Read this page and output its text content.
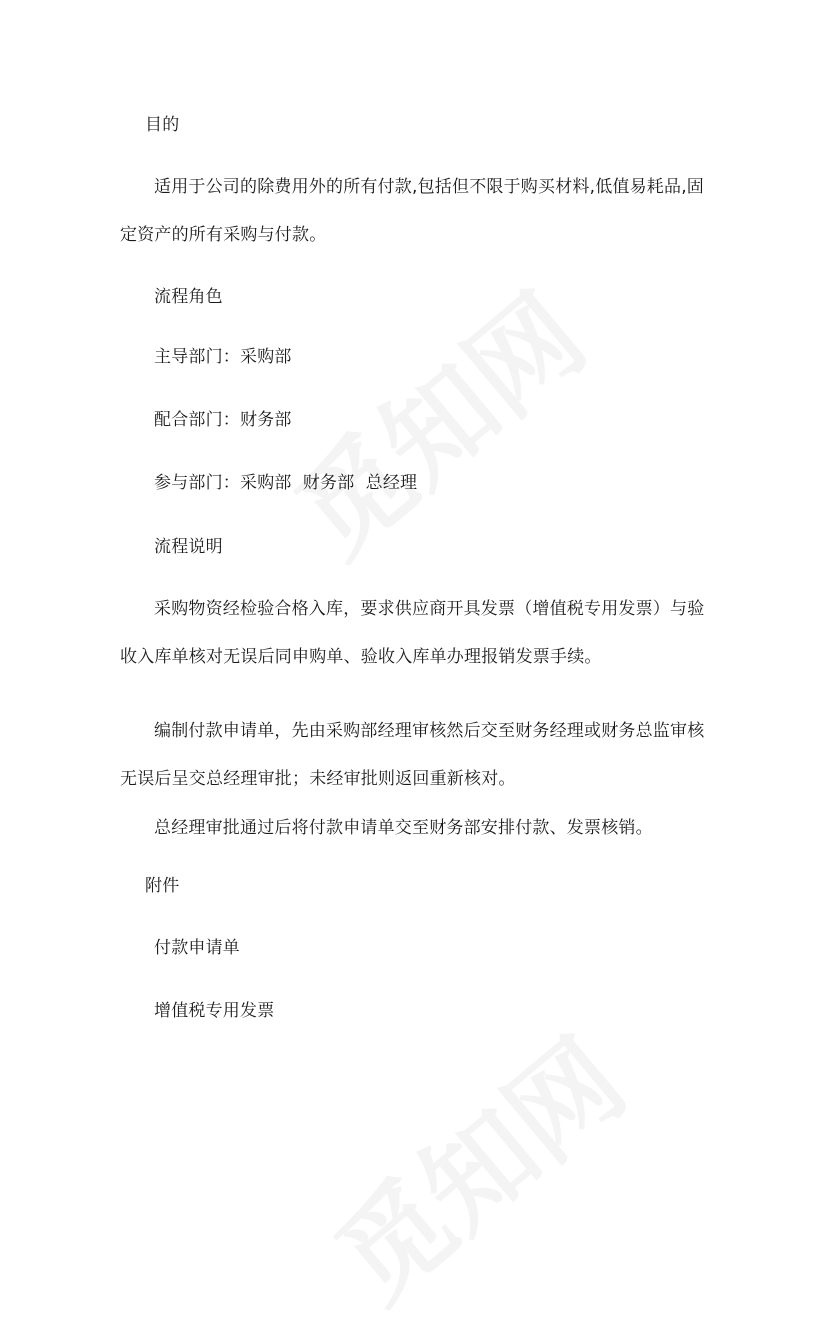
目的
适用于公司的除费用外的所有付款,包括但不限于购买材料,低值易耗品,固定资产的所有采购与付款。
流程角色
主导部门：采购部
配合部门：财务部
参与部门：采购部  财务部  总经理
流程说明
采购物资经检验合格入库，要求供应商开具发票（增值税专用发票）与验收入库单核对无误后同申购单、验收入库单办理报销发票手续。
编制付款申请单，先由采购部经理审核然后交至财务经理或财务总监审核无误后呈交总经理审批；未经审批则返回重新核对。
总经理审批通过后将付款申请单交至财务部安排付款、发票核销。
附件
付款申请单
增值税专用发票
